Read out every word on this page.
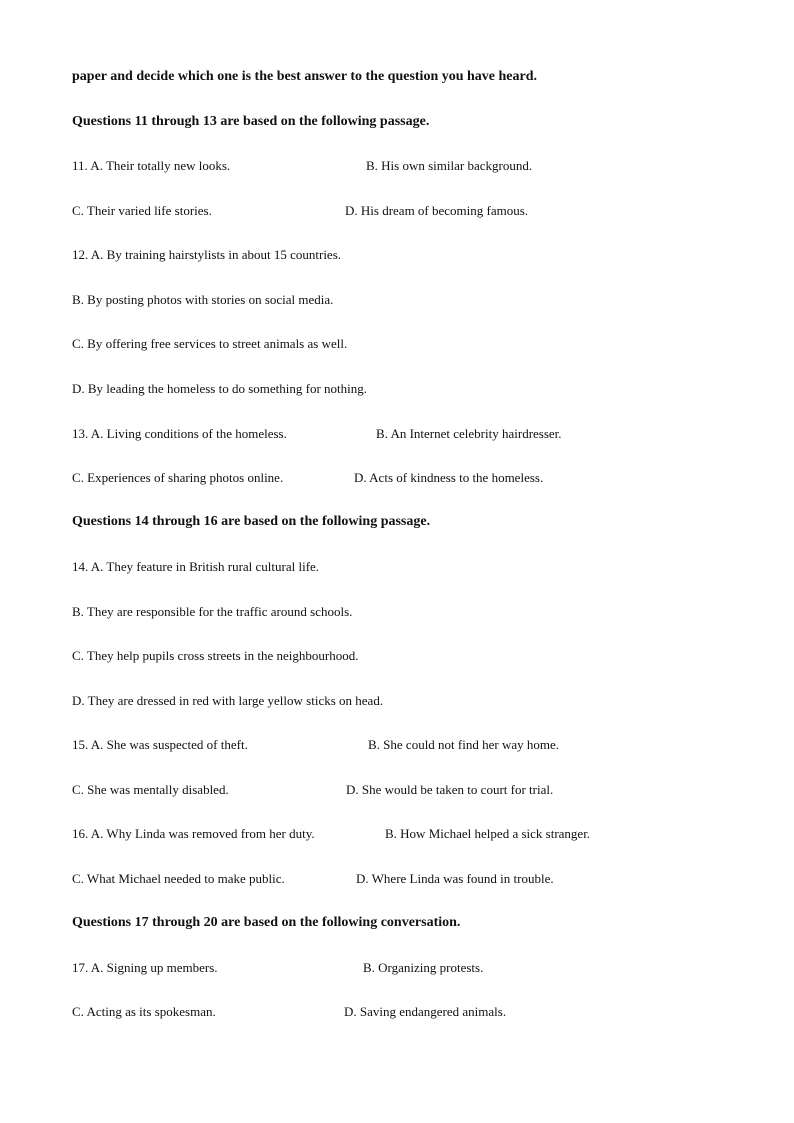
paper and decide which one is the best answer to the question you have heard.
Questions 11 through 13 are based on the following passage.
11. A. Their totally new looks.	B. His own similar background.
C. Their varied life stories.	D. His dream of becoming famous.
12. A. By training hairstylists in about 15 countries.
B. By posting photos with stories on social media.
C. By offering free services to street animals as well.
D. By leading the homeless to do something for nothing.
13. A. Living conditions of the homeless.	B. An Internet celebrity hairdresser.
C. Experiences of sharing photos online.	D. Acts of kindness to the homeless.
Questions 14 through 16 are based on the following passage.
14. A. They feature in British rural cultural life.
B. They are responsible for the traffic around schools.
C. They help pupils cross streets in the neighbourhood.
D. They are dressed in red with large yellow sticks on head.
15. A. She was suspected of theft.	B. She could not find her way home.
C. She was mentally disabled.	D. She would be taken to court for trial.
16. A. Why Linda was removed from her duty.	B. How Michael helped a sick stranger.
C. What Michael needed to make public.	D. Where Linda was found in trouble.
Questions 17 through 20 are based on the following conversation.
17. A. Signing up members.	B. Organizing protests.
C. Acting as its spokesman.	D. Saving endangered animals.
